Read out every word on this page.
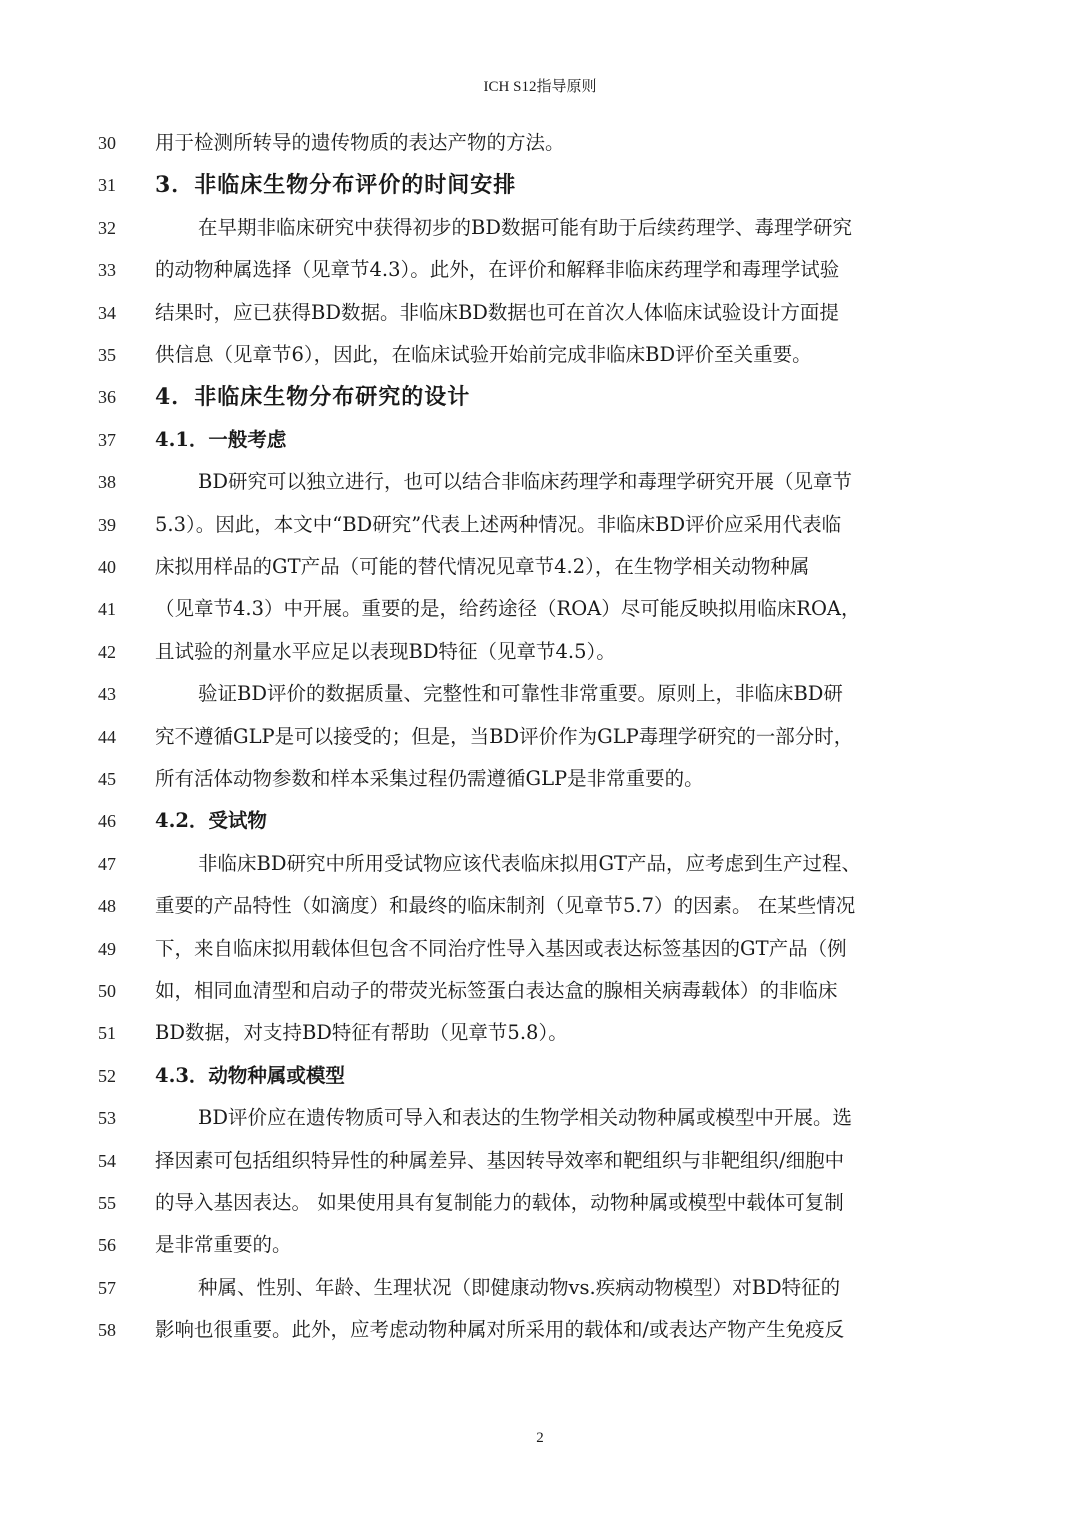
ICH S12指导原则
30	用于检测所转导的遗传物质的表达产物的方法。
31	3．非临床生物分布评价的时间安排
32	在早期非临床研究中获得初步的BD数据可能有助于后续药理学、毒理学研究
33	的动物种属选择（见章节4.3）。此外，在评价和解释非临床药理学和毒理学试验
34	结果时，应已获得BD数据。非临床BD数据也可在首次人体临床试验设计方面提
35	供信息（见章节6），因此，在临床试验开始前完成非临床BD评价至关重要。
36	4．非临床生物分布研究的设计
37	4.1．一般考虑
38	BD研究可以独立进行，也可以结合非临床药理学和毒理学研究开展（见章节
39	5.3）。因此，本文中“BD研究”代表上述两种情况。非临床BD评价应采用代表临
40	床拟用样品的GT产品（可能的替代情况见章节4.2），在生物学相关动物种属
41	（见章节4.3）中开展。重要的是，给药途径（ROA）尽可能反映拟用临床ROA，
42	且试验的剂量水平应足以表现BD特征（见章节4.5）。
43	验证BD评价的数据质量、完整性和可靠性非常重要。原则上，非临床BD研
44	究不遵循GLP是可以接受的；但是，当BD评价作为GLP毒理学研究的一部分时，
45	所有活体动物参数和样本采集过程仍需遵循GLP是非常重要的。
46	4.2．受试物
47	非临床BD研究中所用受试物应该代表临床拟用GT产品，应考虑到生产过程、
48	重要的产品特性（如滴度）和最终的临床制剂（见章节5.7）的因素。 在某些情况
49	下，来自临床拟用载体但包含不同治疗性导入基因或表达标签基因的GT产品（例
50	如，相同血清型和启动子的带荧光标签蛋白表达盒的腺相关病毒载体）的非临床
51	BD数据，对支持BD特征有帮助（见章节5.8）。
52	4.3．动物种属或模型
53	BD评价应在遗传物质可导入和表达的生物学相关动物种属或模型中开展。选
54	择因素可包括组织特异性的种属差异、基因转导效率和靶组织与非靶组织/细胞中
55	的导入基因表达。 如果使用具有复制能力的载体，动物种属或模型中载体可复制
56	是非常重要的。
57	种属、性别、年龄、生理状况（即健康动物vs.疾病动物模型）对BD特征的
58	影响也很重要。此外，应考虑动物种属对所采用的载体和/或表达产物产生免疫反
2
